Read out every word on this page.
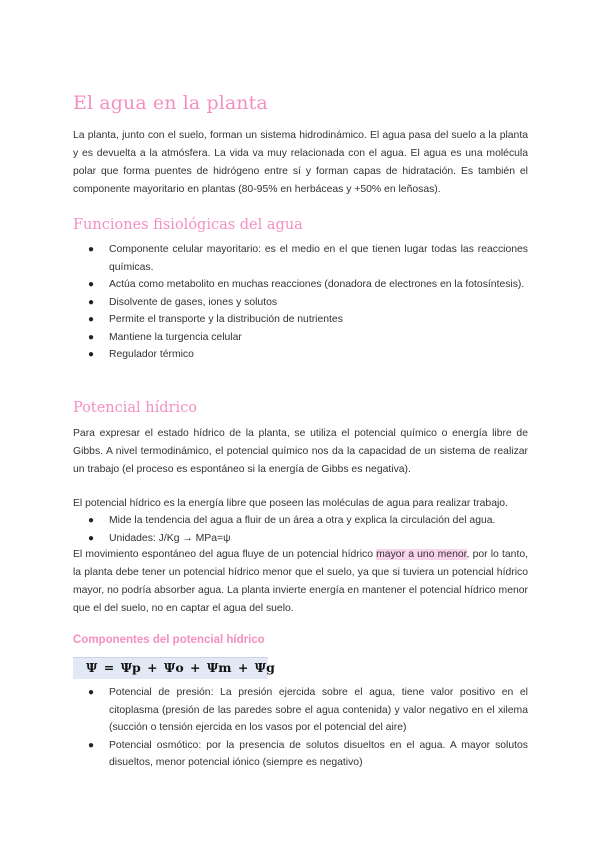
El agua en la planta
La planta, junto con el suelo, forman un sistema hidrodinámico. El agua pasa del suelo a la planta y es devuelta a la atmósfera. La vida va muy relacionada con el agua. El agua es una molécula polar que forma puentes de hidrógeno entre sí y forman capas de hidratación. Es también el componente mayoritario en plantas (80-95% en herbáceas y +50% en leñosas).
Funciones fisiológicas del agua
● Componente celular mayoritario: es el medio en el que tienen lugar todas las reacciones químicas.
● Actúa como metabolito en muchas reacciones (donadora de electrones en la fotosíntesis).
● Disolvente de gases, iones y solutos
● Permite el transporte y la distribución de nutrientes
● Mantiene la turgencia celular
● Regulador térmico
Potencial hídrico
Para expresar el estado hídrico de la planta, se utiliza el potencial químico o energía libre de Gibbs. A nivel termodinámico, el potencial químico nos da la capacidad de un sistema de realizar un trabajo (el proceso es espontáneo si la energía de Gibbs es negativa).
El potencial hídrico es la energía libre que poseen las moléculas de agua para realizar trabajo.
● Mide la tendencia del agua a fluir de un área a otra y explica la circulación del agua.
● Unidades: J/Kg → MPa=ψ
El movimiento espontáneo del agua fluye de un potencial hídrico mayor a uno menor, por lo tanto, la planta debe tener un potencial hídrico menor que el suelo, ya que si tuviera un potencial hídrico mayor, no podría absorber agua. La planta invierte energía en mantener el potencial hídrico menor que el del suelo, no en captar el agua del suelo.
Componentes del potencial hídrico
Ψ = Ψp + Ψo + Ψm + Ψg
● Potencial de presión: La presión ejercida sobre el agua, tiene valor positivo en el citoplasma (presión de las paredes sobre el agua contenida) y valor negativo en el xilema (succión o tensión ejercida en los vasos por el potencial del aire)
● Potencial osmótico: por la presencia de solutos disueltos en el agua. A mayor solutos disueltos, menor potencial iónico (siempre es negativo)
